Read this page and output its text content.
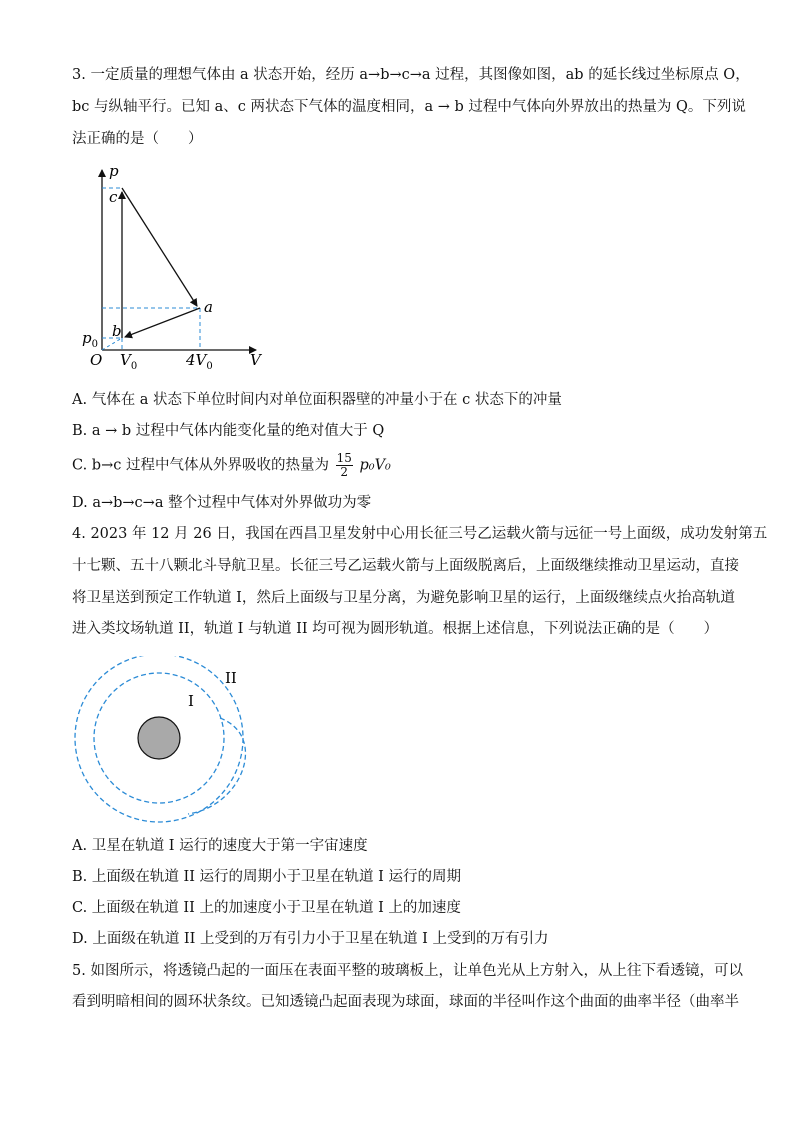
3. 一定质量的理想气体由 a 状态开始，经历 a→b→c→a 过程，其图像如图，ab 的延长线过坐标原点 O，
bc 与纵轴平行。已知 a、c 两状态下气体的温度相同，a → b 过程中气体向外界放出的热量为 Q。下列说
法正确的是（　　）
p
c
a
b
O	V
$p_0$
$V_0$	$4V_0$
A. 气体在 a 状态下单位时间内对单位面积器壁的冲量小于在 c 状态下的冲量
B. a → b 过程中气体内能变化量的绝对值大于 Q
C. b→c 过程中气体从外界吸收的热量为 $\frac{15}{2} p_0V_0$
D. a→b→c→a 整个过程中气体对外界做功为零
4. 2023 年 12 月 26 日，我国在西昌卫星发射中心用长征三号乙运载火箭与远征一号上面级，成功发射第五
十七颗、五十八颗北斗导航卫星。长征三号乙运载火箭与上面级脱离后，上面级继续推动卫星运动，直接
将卫星送到预定工作轨道 I，然后上面级与卫星分离，为避免影响卫星的运行，上面级继续点火抬高轨道
进入类坟场轨道 II，轨道 I 与轨道 II 均可视为圆形轨道。根据上述信息，下列说法正确的是（　　）
I
II
A. 卫星在轨道 I 运行的速度大于第一宇宙速度
B. 上面级在轨道 II 运行的周期小于卫星在轨道 I 运行的周期
C. 上面级在轨道 II 上的加速度小于卫星在轨道 I 上的加速度
D. 上面级在轨道 II 上受到的万有引力小于卫星在轨道 I 上受到的万有引力
5. 如图所示，将透镜凸起的一面压在表面平整的玻璃板上，让单色光从上方射入，从上往下看透镜，可以
看到明暗相间的圆环状条纹。已知透镜凸起面表现为球面，球面的半径叫作这个曲面的曲率半径（曲率半
